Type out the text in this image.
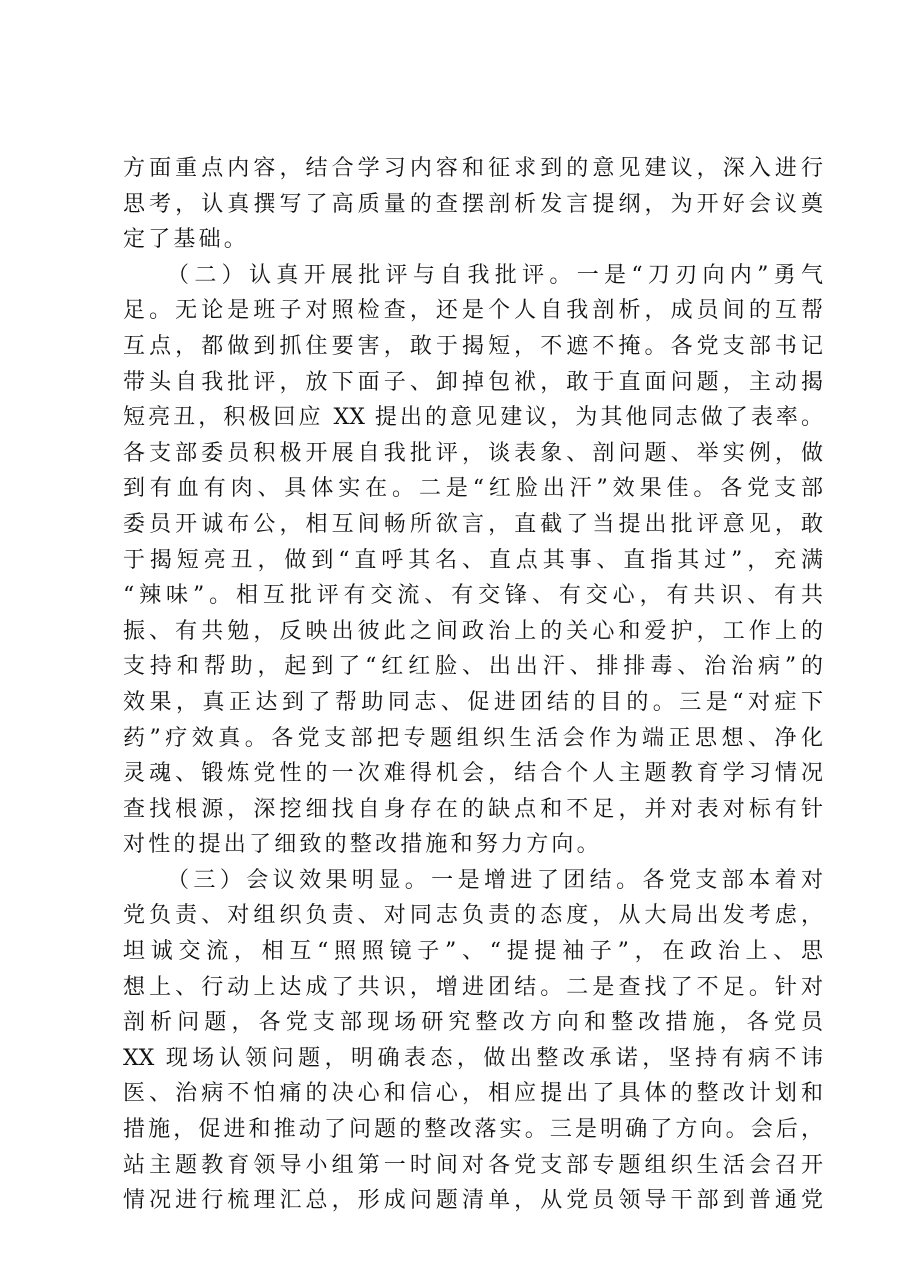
方面重点内容，结合学习内容和征求到的意见建议，深入进行
思考，认真撰写了高质量的查摆剖析发言提纲，为开好会议奠
定了基础。
（二）认真开展批评与自我批评。一是“刀刃向内”勇气
足。无论是班子对照检查，还是个人自我剖析，成员间的互帮
互点，都做到抓住要害，敢于揭短，不遮不掩。各党支部书记
带头自我批评，放下面子、卸掉包袱，敢于直面问题，主动揭
短亮丑，积极回应 XX 提出的意见建议，为其他同志做了表率。
各支部委员积极开展自我批评，谈表象、剖问题、举实例，做
到有血有肉、具体实在。二是“红脸出汗”效果佳。各党支部
委员开诚布公，相互间畅所欲言，直截了当提出批评意见，敢
于揭短亮丑，做到“直呼其名、直点其事、直指其过”，充满
“辣味”。相互批评有交流、有交锋、有交心，有共识、有共
振、有共勉，反映出彼此之间政治上的关心和爱护，工作上的
支持和帮助，起到了“红红脸、出出汗、排排毒、治治病”的
效果，真正达到了帮助同志、促进团结的目的。三是“对症下
药”疗效真。各党支部把专题组织生活会作为端正思想、净化
灵魂、锻炼党性的一次难得机会，结合个人主题教育学习情况
查找根源，深挖细找自身存在的缺点和不足，并对表对标有针
对性的提出了细致的整改措施和努力方向。
（三）会议效果明显。一是增进了团结。各党支部本着对
党负责、对组织负责、对同志负责的态度，从大局出发考虑，
坦诚交流，相互“照照镜子”、“提提袖子”，在政治上、思
想上、行动上达成了共识，增进团结。二是查找了不足。针对
剖析问题，各党支部现场研究整改方向和整改措施，各党员
XX 现场认领问题，明确表态，做出整改承诺，坚持有病不讳
医、治病不怕痛的决心和信心，相应提出了具体的整改计划和
措施，促进和推动了问题的整改落实。三是明确了方向。会后，
站主题教育领导小组第一时间对各党支部专题组织生活会召开
情况进行梳理汇总，形成问题清单，从党员领导干部到普通党
